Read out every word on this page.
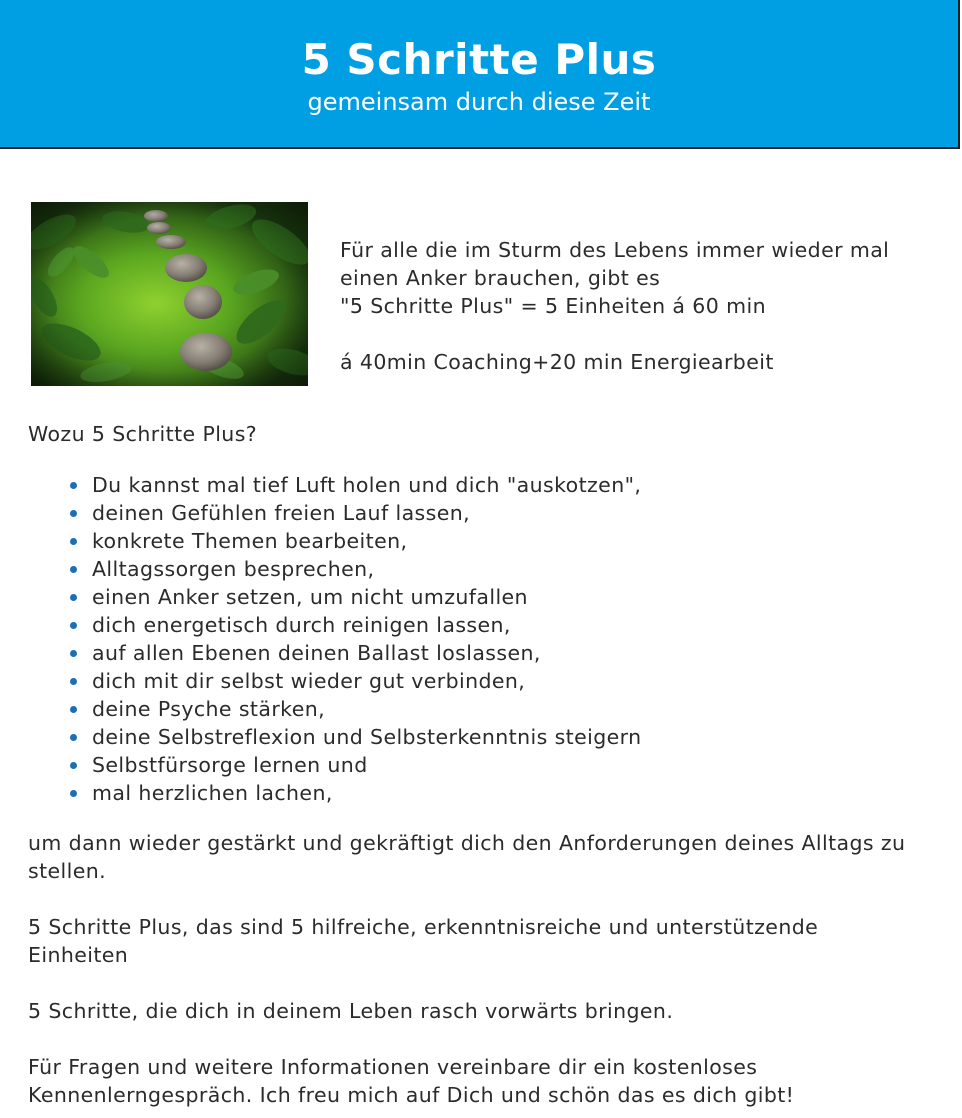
5 Schritte Plus
gemeinsam durch diese Zeit

Für alle die im Sturm des Lebens immer wieder mal

einen Anker brauchen, gibt es

"5 Schritte Plus" = 5 Einheiten á 60 min

á 40min Coaching+20 min Energiearbeit

Wozu 5 Schritte Plus?

Du kannst mal tief Luft holen und dich "auskotzen",
deinen Gefühlen freien Lauf lassen,
konkrete Themen bearbeiten,
Alltagssorgen besprechen,
einen Anker setzen, um nicht umzufallen
dich energetisch durch reinigen lassen,
auf allen Ebenen deinen Ballast loslassen,
dich mit dir selbst wieder gut verbinden,
deine Psyche stärken,
deine Selbstreflexion und Selbsterkenntnis steigern
Selbstfürsorge lernen und
mal herzlichen lachen,

um dann wieder gestärkt und gekräftigt dich den Anforderungen deines Alltags zu stellen.

5 Schritte Plus, das sind 5 hilfreiche, erkenntnisreiche und unterstützende Einheiten

5 Schritte, die dich in deinem Leben rasch vorwärts bringen.

Für Fragen und weitere Informationen vereinbare dir ein kostenloses Kennenlerngespräch. Ich freu mich auf Dich und schön das es dich gibt!
